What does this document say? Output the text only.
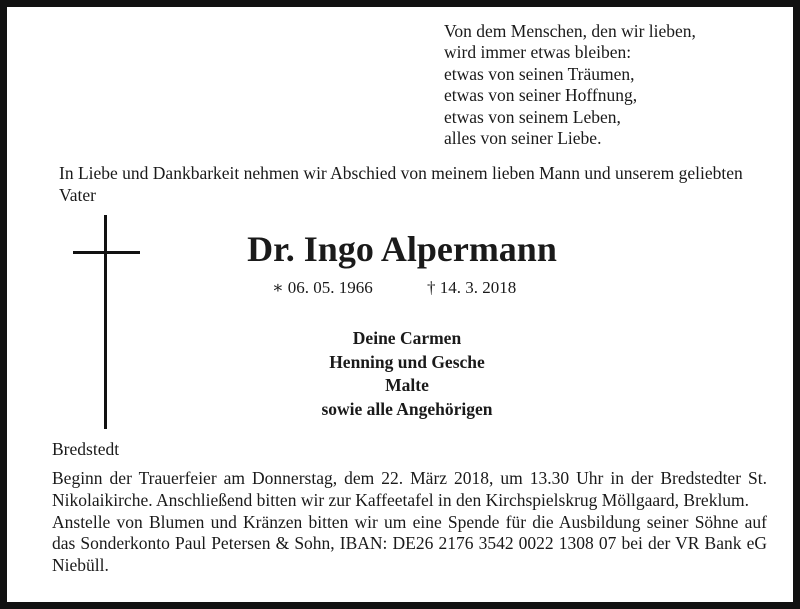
Von dem Menschen, den wir lieben,
wird immer etwas bleiben:
etwas von seinen Träumen,
etwas von seiner Hoffnung,
etwas von seinem Leben,
alles von seiner Liebe.
In Liebe und Dankbarkeit nehmen wir Abschied von meinem lieben Mann und unserem geliebten Vater
Dr. Ingo Alpermann
∗ 06. 05. 1966	† 14. 3. 2018
Deine Carmen
Henning und Gesche
Malte
sowie alle Angehörigen
Bredstedt

Beginn der Trauerfeier am Donnerstag, dem 22. März 2018, um 13.30 Uhr in der Bredstedter St. Nikolaikirche. Anschließend bitten wir zur Kaffeetafel in den Kirchspielskrug Möllgaard, Breklum.

Anstelle von Blumen und Kränzen bitten wir um eine Spende für die Ausbildung seiner Söhne auf das Sonderkonto Paul Petersen & Sohn, IBAN: DE26 2176 3542 0022 1308 07 bei der VR Bank eG Niebüll.
